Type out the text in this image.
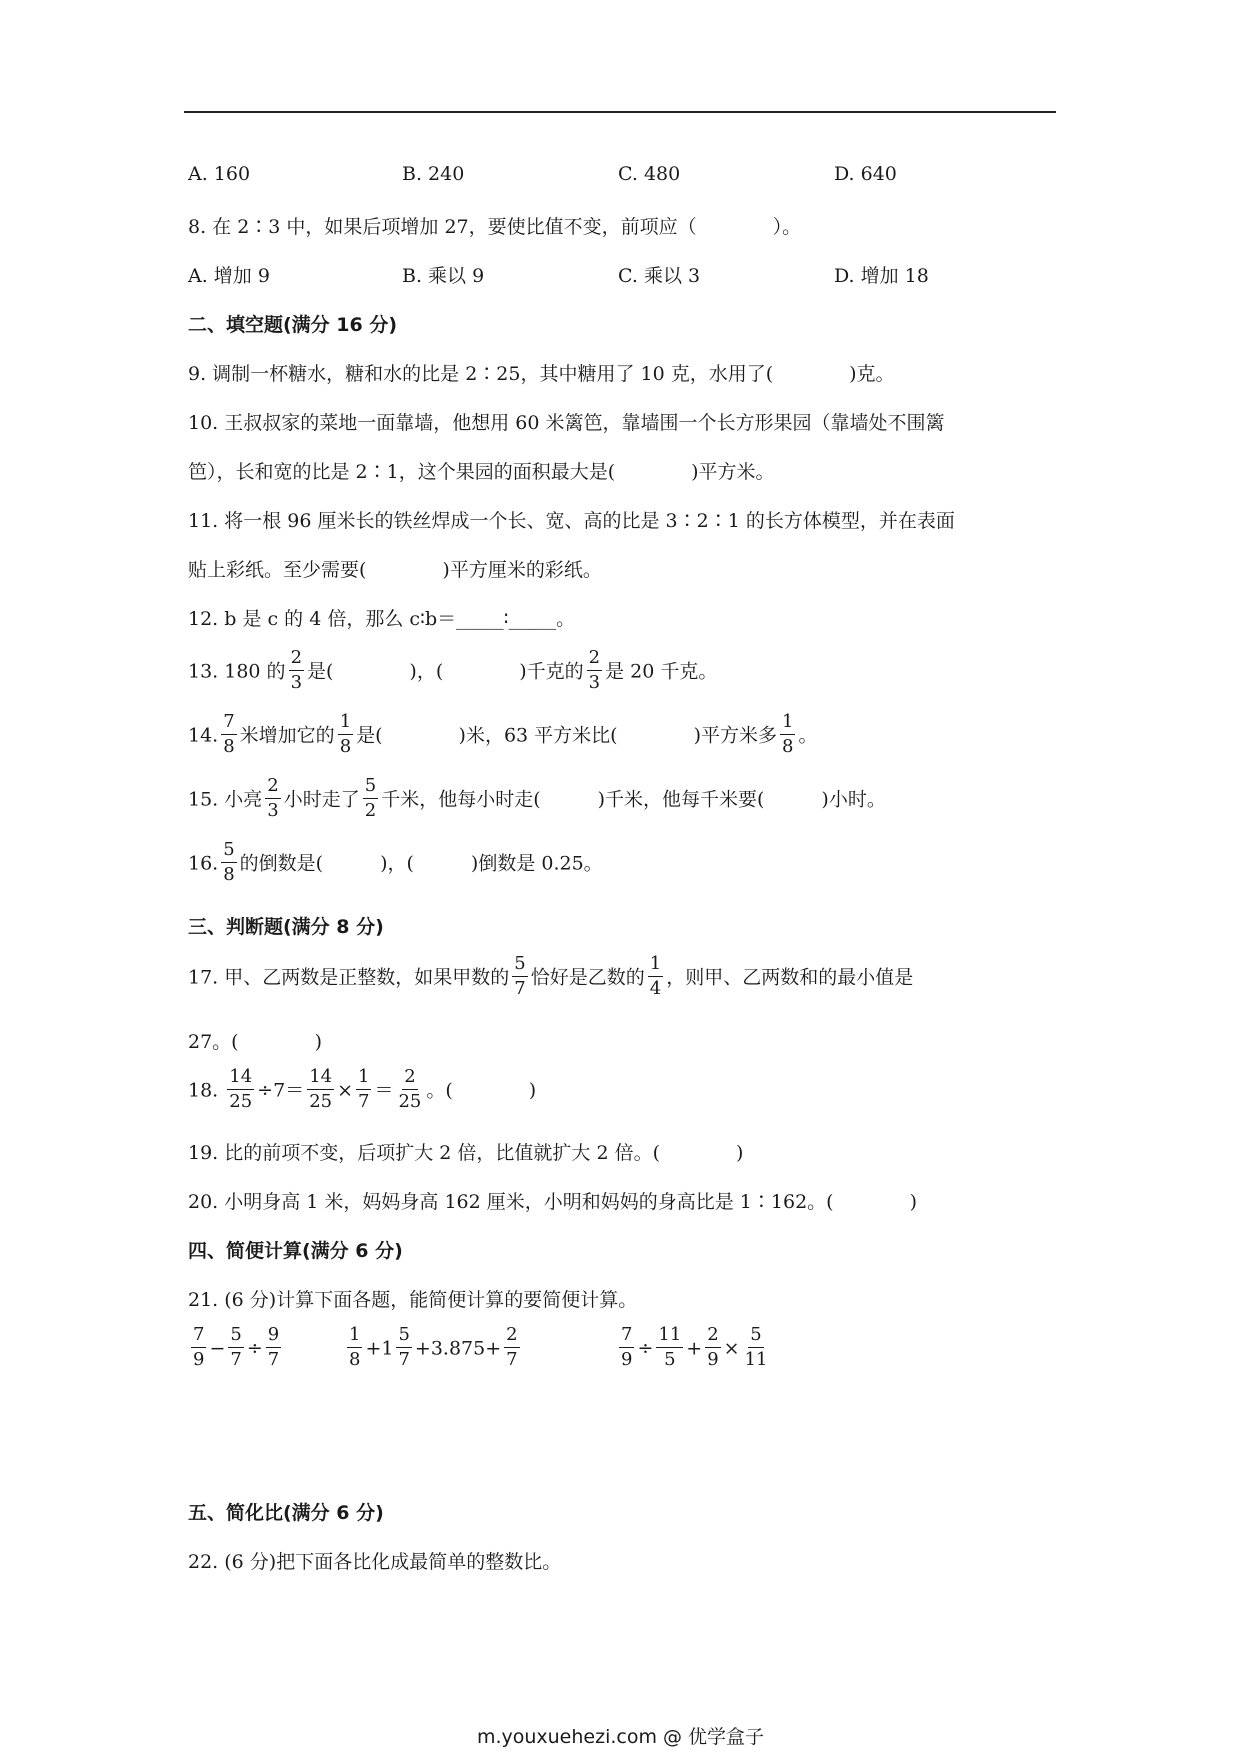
A. 160	B. 240	C. 480	D. 640
8. 在 2∶3 中，如果后项增加 27，要使比值不变，前项应（　　　　）。
A. 增加 9	B. 乘以 9	C. 乘以 3	D. 增加 18
二、填空题(满分 16 分)
9. 调制一杯糖水，糖和水的比是 2∶25，其中糖用了 10 克，水用了(　　　　)克。
10. 王叔叔家的菜地一面靠墙，他想用 60 米篱笆，靠墙围一个长方形果园（靠墙处不围篱
笆），长和宽的比是 2∶1，这个果园的面积最大是(　　　　)平方米。
11. 将一根 96 厘米长的铁丝焊成一个长、宽、高的比是 3∶2∶1 的长方体模型，并在表面
贴上彩纸。至少需要(　　　　)平方厘米的彩纸。
12. b 是 c 的 4 倍，那么 c∶b＝_____∶_____。
13. 180 的 $\frac{2}{3}$ 是(　　　　)，(　　　　)千克的 $\frac{2}{3}$ 是 20 千克。
14. $\frac{7}{8}$ 米增加它的 $\frac{1}{8}$ 是(　　　　)米，63 平方米比(　　　　)平方米多 $\frac{1}{8}$ 。
15. 小亮 $\frac{2}{3}$ 小时走了 $\frac{5}{2}$ 千米，他每小时走(　　　)千米，他每千米要(　　　)小时。
16. $\frac{5}{8}$ 的倒数是(　　　)，(　　　)倒数是 0.25。
三、判断题(满分 8 分)
17. 甲、乙两数是正整数，如果甲数的 $\frac{5}{7}$ 恰好是乙数的 $\frac{1}{4}$ ，则甲、乙两数和的最小值是
27。(　　　　)
18. $\frac{14}{25} \div 7= \frac{14}{25} \times \frac{1}{7} = \frac{2}{25}$ 。(　　　　)
19. 比的前项不变，后项扩大 2 倍，比值就扩大 2 倍。(　　　　)
20. 小明身高 1 米，妈妈身高 162 厘米，小明和妈妈的身高比是 1∶162。(　　　　)
四、简便计算(满分 6 分)
21. (6 分)计算下面各题，能简便计算的要简便计算。
$\frac{7}{9} - \frac{5}{7} \div \frac{9}{7}$	$\frac{1}{8} +1 \frac{5}{7} +3.875+ \frac{2}{7}$	$\frac{7}{9} \div \frac{11}{5} + \frac{2}{9} \times \frac{5}{11}$
五、简化比(满分 6 分)
22. (6 分)把下面各比化成最简单的整数比。
m.youxuehezi.com @ 优学盒子
